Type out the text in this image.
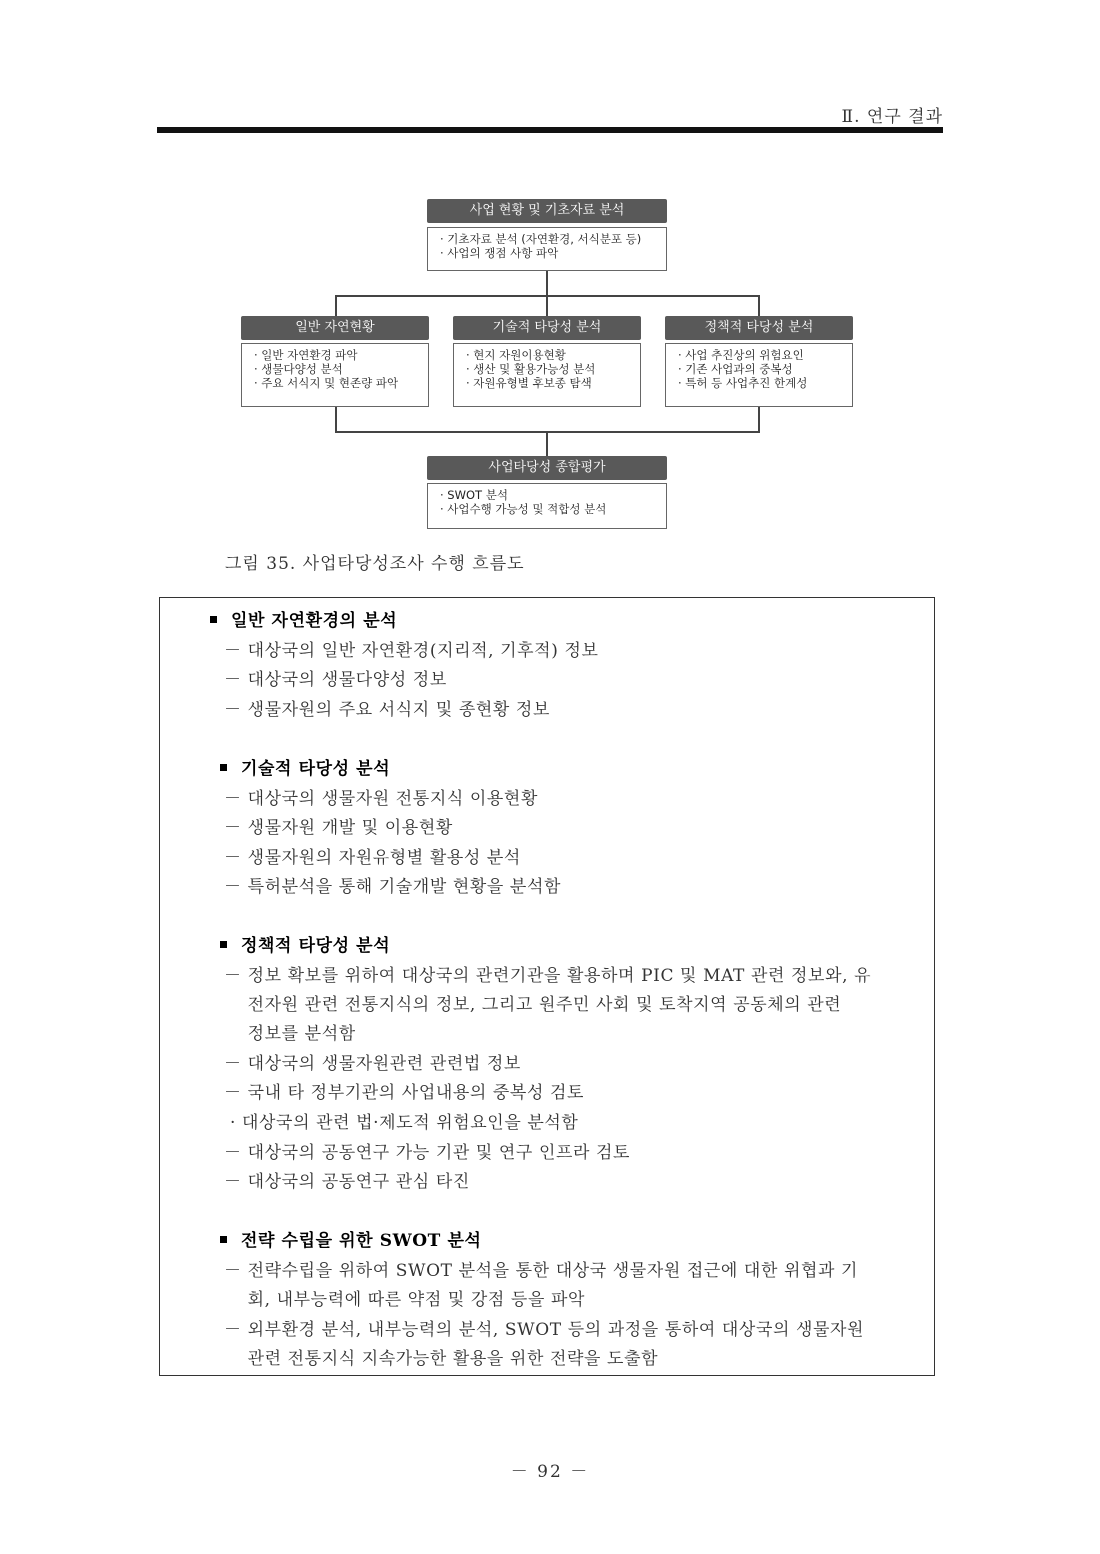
Ⅱ. 연구 결과
사업 현황 및 기초자료 분석
· 기초자료 분석 (자연환경, 서식분포 등)
· 사업의 쟁점 사항 파악
일반 자연현황
· 일반 자연환경 파악
· 생물다양성 분석
· 주요 서식지 및 현존량 파악
기술적 타당성 분석
· 현지 자원이용현황
· 생산 및 활용가능성 분석
· 자원유형별 후보종 탐색
정책적 타당성 분석
· 사업 추진상의 위험요인
· 기존 사업과의 중복성
· 특허 등 사업추진 한계성
사업타당성 종합평가
· SWOT 분석
· 사업수행 가능성 및 적합성 분석
그림 35. 사업타당성조사 수행 흐름도
일반 자연환경의 분석
－ 대상국의 일반 자연환경(지리적, 기후적) 정보
－ 대상국의 생물다양성 정보
－ 생물자원의 주요 서식지 및 종현황 정보
기술적 타당성 분석
－ 대상국의 생물자원 전통지식 이용현황
－ 생물자원 개발 및 이용현황
－ 생물자원의 자원유형별 활용성 분석
－ 특허분석을 통해 기술개발 현황을 분석함
정책적 타당성 분석
－ 정보 확보를 위하여 대상국의 관련기관을 활용하며 PIC 및 MAT 관련 정보와, 유
　 전자원 관련 전통지식의 정보, 그리고 원주민 사회 및 토착지역 공동체의 관련
　 정보를 분석함
－ 대상국의 생물자원관련 관련법 정보
－ 국내 타 정부기관의 사업내용의 중복성 검토
· 대상국의 관련 법·제도적 위험요인을 분석함
－ 대상국의 공동연구 가능 기관 및 연구 인프라 검토
－ 대상국의 공동연구 관심 타진
전략 수립을 위한 SWOT 분석
－ 전략수립을 위하여 SWOT 분석을 통한 대상국 생물자원 접근에 대한 위협과 기
　 회, 내부능력에 따른 약점 및 강점 등을 파악
－ 외부환경 분석, 내부능력의 분석, SWOT 등의 과정을 통하여 대상국의 생물자원
　 관련 전통지식 지속가능한 활용을 위한 전략을 도출함
－ 92 －
